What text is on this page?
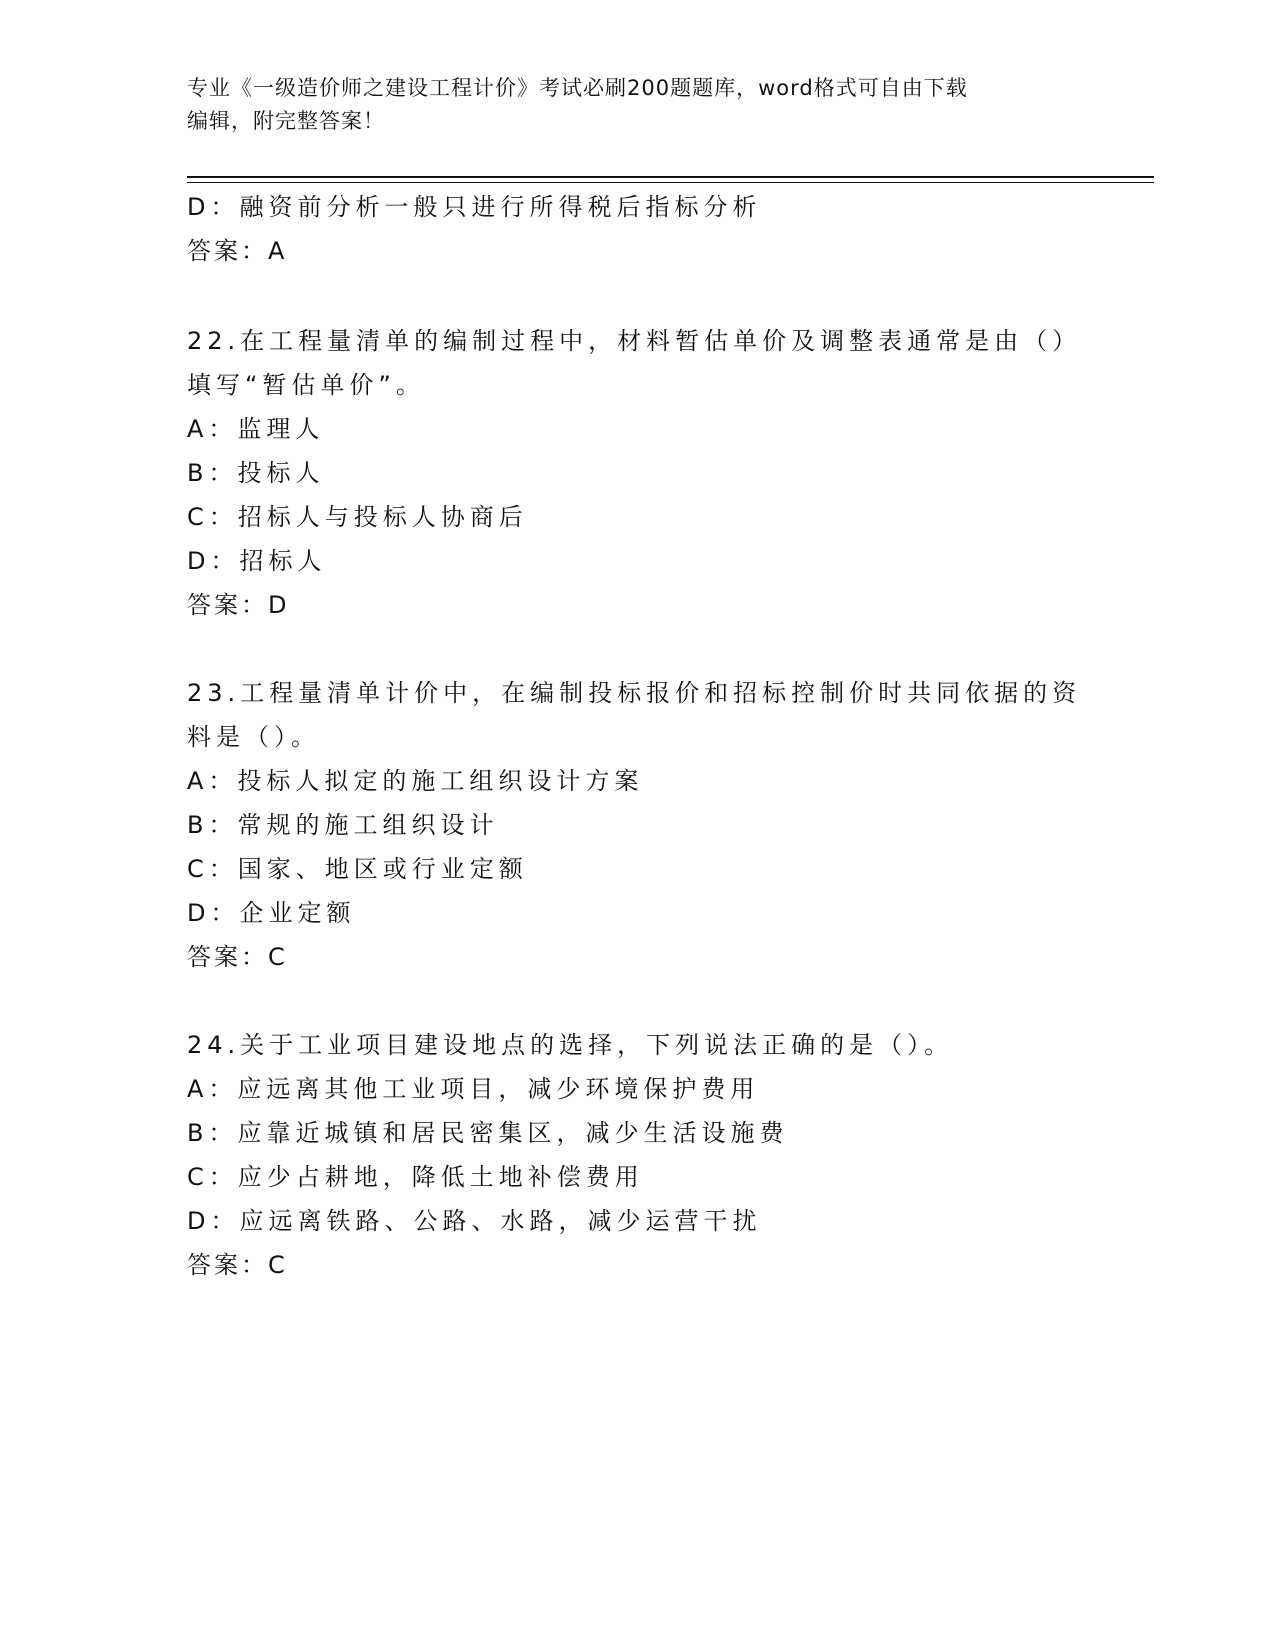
专业《一级造价师之建设工程计价》考试必刷200题题库，word格式可自由下载
编辑，附完整答案！
D：融资前分析一般只进行所得税后指标分析
答案：A
22.在工程量清单的编制过程中，材料暂估单价及调整表通常是由（）
填写“暂估单价”。
A：监理人
B：投标人
C：招标人与投标人协商后
D：招标人
答案：D
23.工程量清单计价中，在编制投标报价和招标控制价时共同依据的资
料是（）。
A：投标人拟定的施工组织设计方案
B：常规的施工组织设计
C：国家、地区或行业定额
D：企业定额
答案：C
24.关于工业项目建设地点的选择，下列说法正确的是（）。
A：应远离其他工业项目，减少环境保护费用
B：应靠近城镇和居民密集区，减少生活设施费
C：应少占耕地，降低土地补偿费用
D：应远离铁路、公路、水路，减少运营干扰
答案：C
